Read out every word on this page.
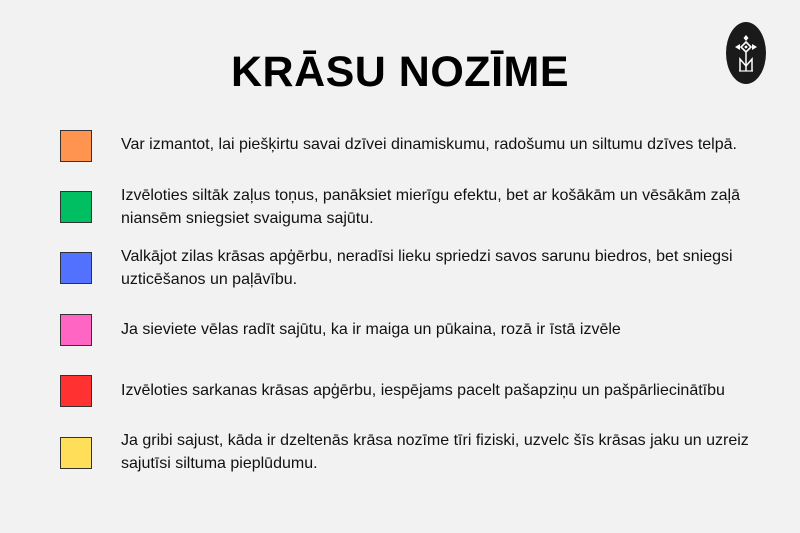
KRĀSU NOZĪME
Var izmantot, lai piešķirtu savai dzīvei dinamiskumu, radošumu un siltumu dzīves telpā.
Izvēloties siltāk zaļus toņus, panāksiet mierīgu efektu, bet ar košākām un vēsākām zaļā niansēm sniegsiet svaiguma sajūtu.
Valkājot zilas krāsas apģērbu, neradīsi lieku spriedzi savos sarunu biedros, bet sniegsi uzticēšanos un paļāvību.
Ja sieviete vēlas radīt sajūtu, ka ir maiga un pūkaina, rozā ir īstā izvēle
Izvēloties sarkanas krāsas apģērbu, iespējams pacelt pašapziņu un pašpārliecinātību
Ja gribi sajust, kāda ir dzeltenās krāsa nozīme tīri fiziski, uzvelc šīs krāsas jaku un uzreiz sajutīsi siltuma pieplūdumu.
